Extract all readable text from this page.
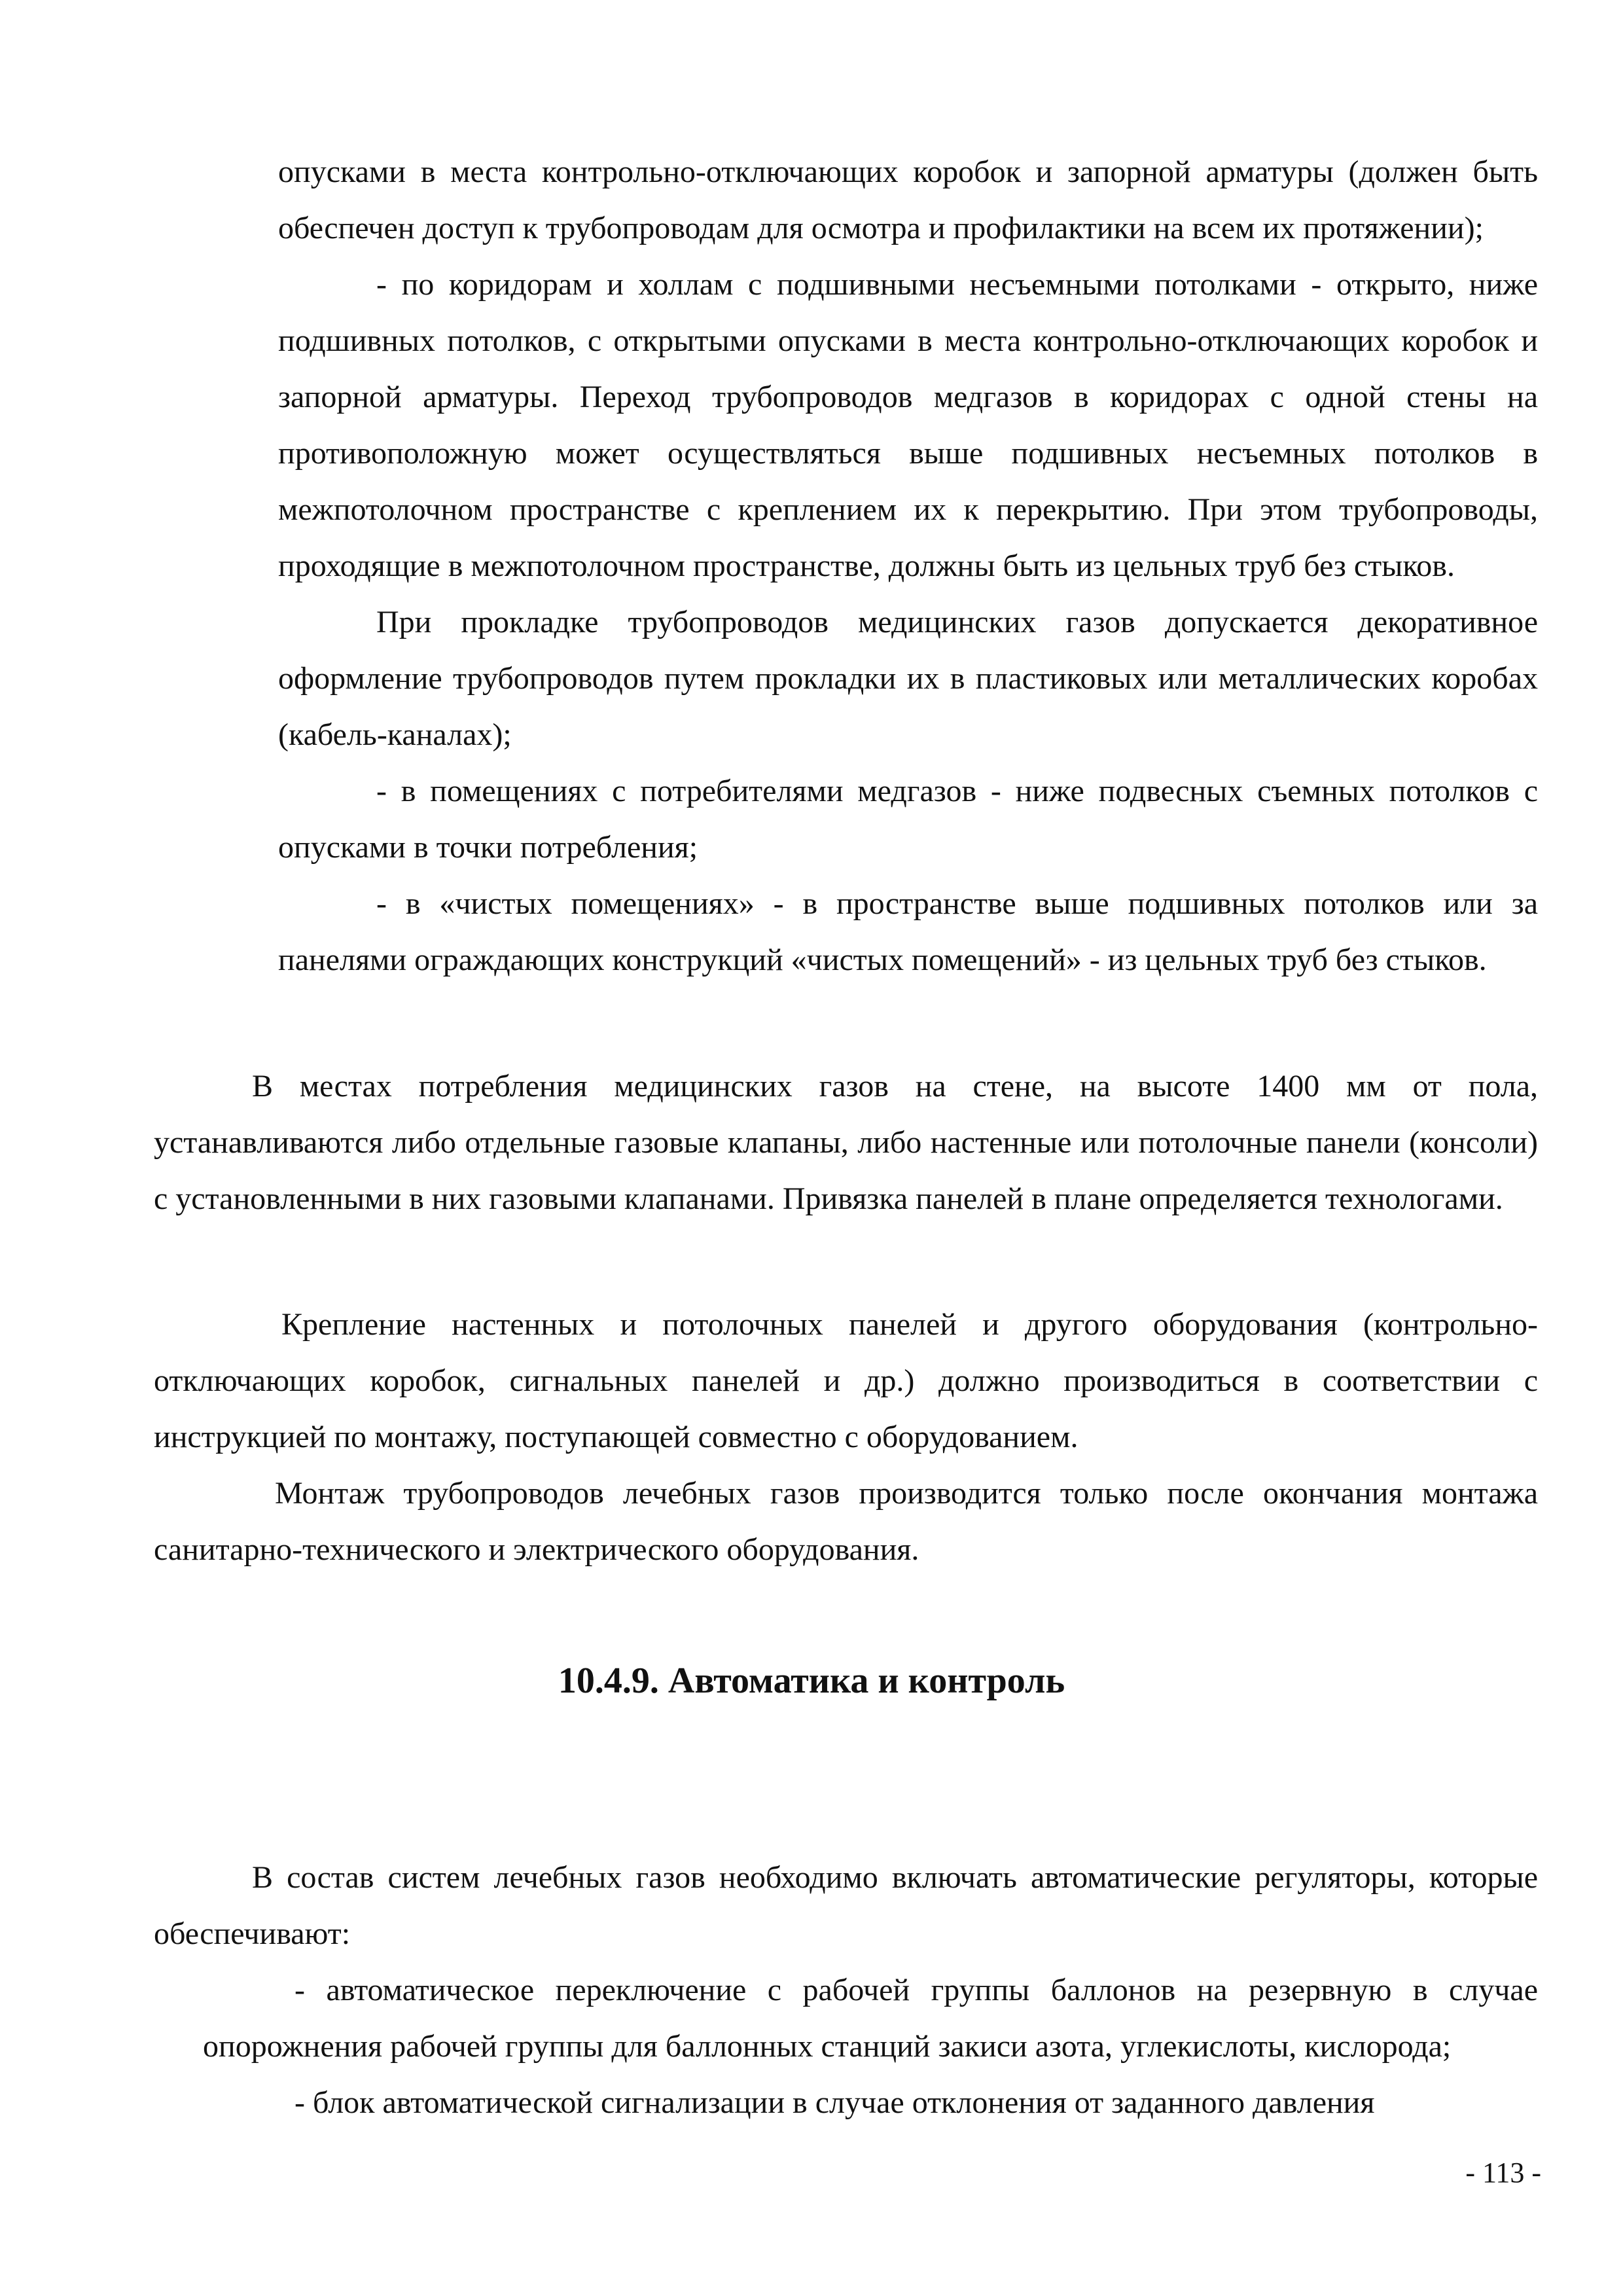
опусками в места контрольно-отключающих коробок и запорной арматуры (должен быть обеспечен доступ к трубопроводам для осмотра и профилактики на всем их протяжении);

- по коридорам и холлам с подшивными несъемными потолками - открыто, ниже подшивных потолков, с открытыми опусками в места контрольно-отключающих коробок и запорной арматуры. Переход трубопроводов медгазов в коридорах с одной стены на противоположную может осуществляться выше подшивных несъемных потолков в межпотолочном пространстве с креплением их к перекрытию. При этом трубопроводы, проходящие в межпотолочном пространстве, должны быть из цельных труб без стыков.

При прокладке трубопроводов медицинских газов допускается декоративное оформление трубопроводов путем прокладки их в пластиковых или металлических коробах (кабель-каналах);

- в помещениях с потребителями медгазов - ниже подвесных съемных потолков с опусками в точки потребления;

- в «чистых помещениях» - в пространстве выше подшивных потолков или за панелями ограждающих конструкций «чистых помещений» - из цельных труб без стыков.

В местах потребления медицинских газов на стене, на высоте 1400 мм от пола, устанавливаются либо отдельные газовые клапаны, либо настенные или потолочные панели (консоли) с установленными в них газовыми клапанами. Привязка панелей в плане определяется технологами.

Крепление настенных и потолочных панелей и другого оборудования (контрольно-отключающих коробок, сигнальных панелей и др.) должно производиться в соответствии с инструкцией по монтажу, поступающей совместно с оборудованием.

Монтаж трубопроводов лечебных газов производится только после окончания монтажа санитарно-технического и электрического оборудования.

10.4.9. Автоматика и контроль

В состав систем лечебных газов необходимо включать автоматические регуляторы, которые обеспечивают:

- автоматическое переключение с рабочей группы баллонов на резервную в случае опорожнения рабочей группы для баллонных станций закиси азота, углекислоты, кислорода;

- блок автоматической сигнализации в случае отклонения от заданного давления

- 113 -
